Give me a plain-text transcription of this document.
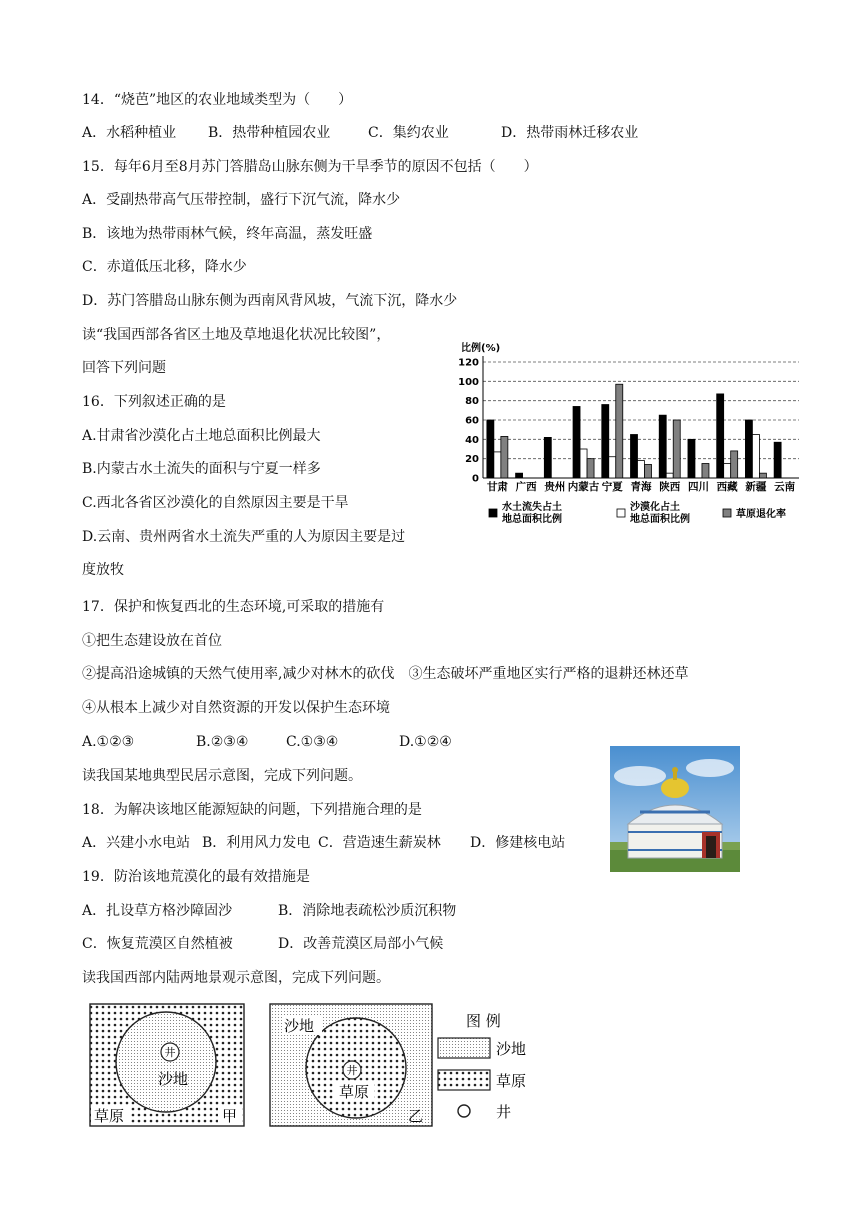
14．“烧芭”地区的农业地域类型为（　　）
A．水稻种植业 B．热带种植园农业	C．集约农业	D．热带雨林迁移农业
15．每年6月至8月苏门答腊岛山脉东侧为干旱季节的原因不包括（　　）
A．受副热带高气压带控制，盛行下沉气流，降水少
B．该地为热带雨林气候，终年高温，蒸发旺盛
C．赤道低压北移，降水少
D．苏门答腊岛山脉东侧为西南风背风坡，气流下沉，降水少
读“我国西部各省区土地及草地退化状况比较图”，
回答下列问题
16．下列叙述正确的是
A.甘肃省沙漠化占土地总面积比例最大
B.内蒙古水土流失的面积与宁夏一样多
C.西北各省区沙漠化的自然原因主要是干旱
D.云南、贵州两省水土流失严重的人为原因主要是过
度放牧
比例(%)
0
20
40
60
80
100
120
甘肃 广西 贵州 内蒙古 宁夏 青海 陕西 四川 西藏 新疆 云南
水土流失占土
地总面积比例
沙漠化占土
地总面积比例	草原退化率
17．保护和恢复西北的生态环境,可采取的措施有
①把生态建设放在首位
②提高沿途城镇的天然气使用率,减少对林木的砍伐　③生态破坏严重地区实行严格的退耕还林还草
④从根本上减少对自然资源的开发以保护生态环境
A.①②③	B.②③④	C.①③④	D.①②④
读我国某地典型民居示意图，完成下列问题。
18．为解决该地区能源短缺的问题，下列措施合理的是
A．兴建小水电站 B．利用风力发电 C．营造速生薪炭林 D．修建核电站
19．防治该地荒漠化的最有效措施是
A．扎设草方格沙障固沙	B．消除地表疏松沙质沉积物
C．恢复荒漠区自然植被	D．改善荒漠区局部小气候
读我国西部内陆两地景观示意图，完成下列问题。
井
沙地
草原	甲
井
草原
沙地
乙
图 例
沙地
草原
井
